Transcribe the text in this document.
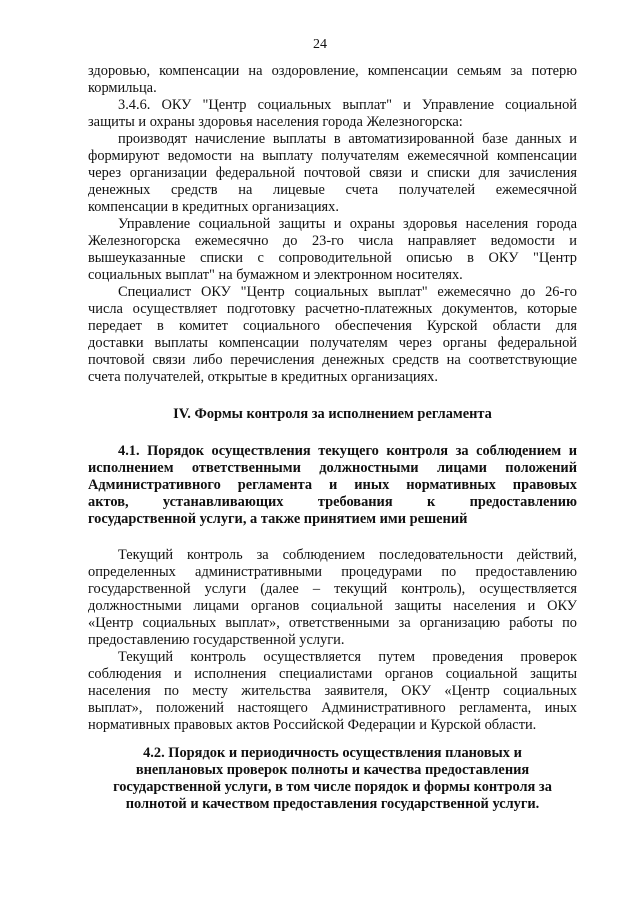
24
здоровью, компенсации на оздоровление, компенсации семьям за потерю
кормильца.
3.4.6. ОКУ "Центр социальных выплат" и Управление социальной
защиты и охраны здоровья населения города Железногорска:
производят начисление выплаты в автоматизированной базе данных и
формируют ведомости на выплату получателям ежемесячной компенсации
через организации федеральной почтовой связи и списки для зачисления
денежных средств на лицевые счета получателей ежемесячной
компенсации в кредитных организациях.
Управление социальной защиты и охраны здоровья населения города
Железногорска ежемесячно до 23-го числа направляет ведомости и
вышеуказанные списки с сопроводительной описью в ОКУ "Центр
социальных выплат" на бумажном и электронном носителях.
Специалист ОКУ "Центр социальных выплат" ежемесячно до 26-го
числа осуществляет подготовку расчетно-платежных документов, которые
передает в комитет социального обеспечения Курской области для
доставки выплаты компенсации получателям через органы федеральной
почтовой связи либо перечисления денежных средств на соответствующие
счета получателей, открытые в кредитных организациях.
IV. Формы контроля за исполнением регламента
4.1. Порядок осуществления текущего контроля за соблюдением и
исполнением ответственными должностными лицами положений
Административного регламента и иных нормативных правовых
актов, устанавливающих требования к предоставлению
государственной услуги, а также принятием ими решений
Текущий контроль за соблюдением последовательности действий,
определенных административными процедурами по предоставлению
государственной услуги (далее – текущий контроль), осуществляется
должностными лицами органов социальной защиты населения и ОКУ
«Центр социальных выплат», ответственными за организацию работы по
предоставлению государственной услуги.
Текущий контроль осуществляется путем проведения проверок
соблюдения и исполнения специалистами органов социальной защиты
населения по месту жительства заявителя, ОКУ «Центр социальных
выплат», положений настоящего Административного регламента, иных
нормативных правовых актов Российской Федерации и Курской области.
4.2. Порядок и периодичность осуществления плановых и
внеплановых проверок полноты и качества предоставления
государственной услуги, в том числе порядок и формы контроля за
полнотой и качеством предоставления государственной услуги.
